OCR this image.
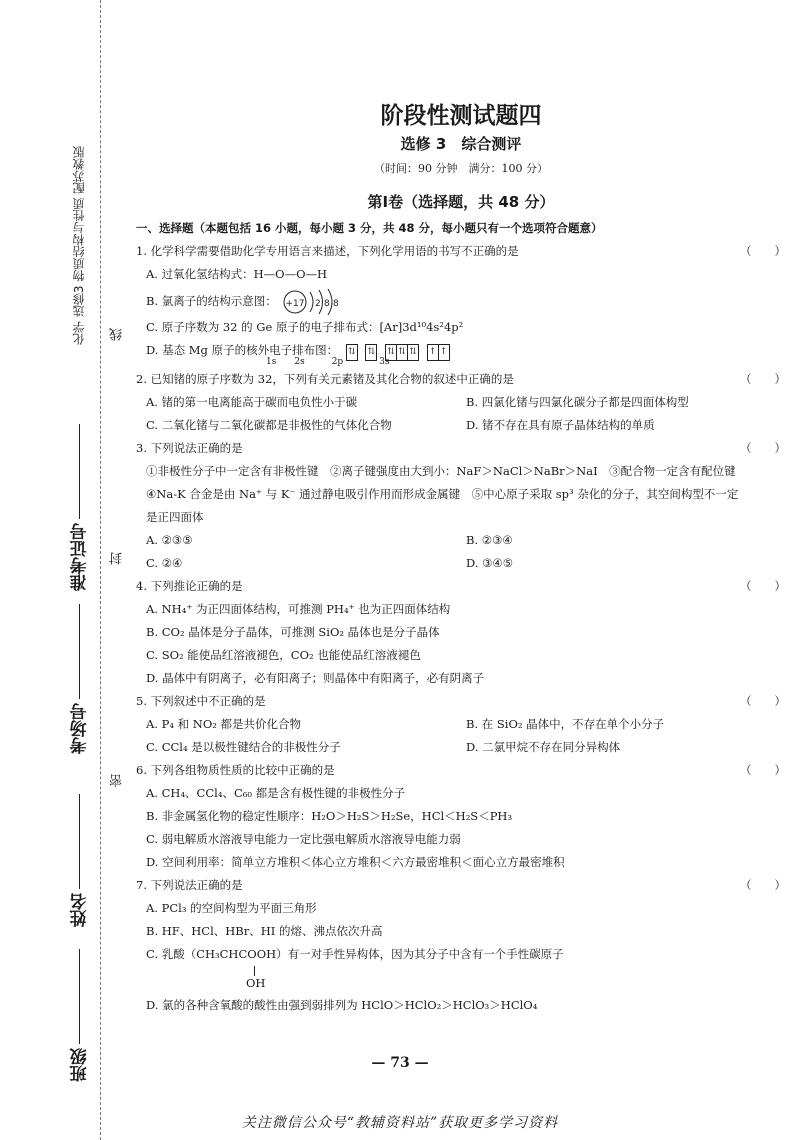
化学 选修3 物质结构与性质 配苏教版
准考证号
考场号
姓名
班级
线
封
密
阶段性测试题四
选修 3　综合测评
（时间：90 分钟　满分：100 分）
第Ⅰ卷（选择题，共 48 分）
一、选择题（本题包括 16 小题，每小题 3 分，共 48 分，每小题只有一个选项符合题意）
1. 化学科学需要借助化学专用语言来描述，下列化学用语的书写不正确的是	（　　）
A. 过氧化氢结构式：H—O—O—H
B. 氯离子的结构示意图： +17 2 8 8
C. 原子序数为 32 的 Ge 原子的电子排布式：[Ar]3d¹⁰4s²4p²
D. 基态 Mg 原子的核外电子排布图： ⇅
⇅
⇅ ⇅ ⇅
↑ ↑
1s　　2s　　　2p　　　　3s
2. 已知锗的原子序数为 32，下列有关元素锗及其化合物的叙述中正确的是	（　　）
A. 锗的第一电离能高于碳而电负性小于碳	B. 四氯化锗与四氯化碳分子都是四面体构型
C. 二氧化锗与二氧化碳都是非极性的气体化合物	D. 锗不存在具有原子晶体结构的单质
3. 下列说法正确的是	（　　）
①非极性分子中一定含有非极性键　②离子键强度由大到小：NaF＞NaCl＞NaBr＞NaI　③配合物一定含有配位键
④Na-K 合金是由 Na⁺ 与 K⁻ 通过静电吸引作用而形成金属键　⑤中心原子采取 sp³ 杂化的分子，其空间构型不一定
是正四面体
A. ②③⑤	B. ②③④
C. ②④	D. ③④⑤
4. 下列推论正确的是	（　　）
A. NH₄⁺ 为正四面体结构，可推测 PH₄⁺ 也为正四面体结构
B. CO₂ 晶体是分子晶体，可推测 SiO₂ 晶体也是分子晶体
C. SO₂ 能使品红溶液褪色，CO₂ 也能使品红溶液褪色
D. 晶体中有阴离子，必有阳离子；则晶体中有阳离子，必有阴离子
5. 下列叙述中不正确的是	（　　）
A. P₄ 和 NO₂ 都是共价化合物	B. 在 SiO₂ 晶体中，不存在单个小分子
C. CCl₄ 是以极性键结合的非极性分子	D. 二氯甲烷不存在同分异构体
6. 下列各组物质性质的比较中正确的是	（　　）
A. CH₄、CCl₄、C₆₀ 都是含有极性键的非极性分子
B. 非金属氢化物的稳定性顺序：H₂O＞H₂S＞H₂Se，HCl＜H₂S＜PH₃
C. 弱电解质水溶液导电能力一定比强电解质水溶液导电能力弱
D. 空间利用率：简单立方堆积＜体心立方堆积＜六方最密堆积＜面心立方最密堆积
7. 下列说法正确的是	（　　）
A. PCl₃ 的空间构型为平面三角形
B. HF、HCl、HBr、HI 的熔、沸点依次升高
C. 乳酸（CH₃CHCOOH）有一对手性异构体，因为其分子中含有一个手性碳原子
OH
D. 氯的各种含氧酸的酸性由强到弱排列为 HClO＞HClO₂＞HClO₃＞HClO₄
— 73 —
关注微信公众号“教辅资料站”获取更多学习资料
